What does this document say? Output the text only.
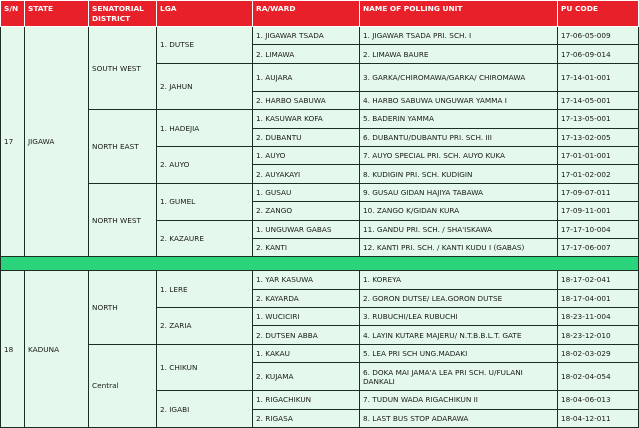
S/N	STATE	SENATORIAL DISTRICT	LGA	RA/WARD	NAME OF POLLING UNIT	PU CODE
17	JIGAWA	SOUTH WEST	1. DUTSE	1. JIGAWAR TSADA	1. JIGAWAR TSADA PRI. SCH. I	17-06-05-009
				2. LIMAWA	2. LIMAWA BAURE	17-06-09-014
			2. JAHUN	1. AUJARA	3. GARKA/CHIROMAWA/GARKA/ CHIROMAWA	17-14-01-001
				2. HARBO SABUWA	4. HARBO SABUWA UNGUWAR YAMMA I	17-14-05-001
		NORTH EAST	1. HADEJIA	1. KASUWAR KOFA	5. BADERIN YAMMA	17-13-05-001
				2. DUBANTU	6. DUBANTU/DUBANTU PRI. SCH. III	17-13-02-005
			2. AUYO	1. AUYO	7. AUYO SPECIAL PRI. SCH. AUYO KUKA	17-01-01-001
				2. AUYAKAYI	8. KUDIGIN PRI. SCH. KUDIGIN	17-01-02-002
		NORTH WEST	1. GUMEL	1. GUSAU	9. GUSAU GIDAN HAJIYA TABAWA	17-09-07-011
				2. ZANGO	10. ZANGO K/GIDAN KURA	17-09-11-001
			2. KAZAURE	1. UNGUWAR GABAS	11. GANDU PRI. SCH. / SHA'ISKAWA	17-17-10-004
				2. KANTI	12. KANTI PRI. SCH. / KANTI KUDU I (GABAS)	17-17-06-007

18	KADUNA	NORTH	1. LERE	1. YAR KASUWA	1. KOREYA	18-17-02-041
				2. KAYARDA	2. GORON DUTSE/ LEA.GORON DUTSE	18-17-04-001
			2. ZARIA	1. WUCICIRI	3. RUBUCHI/LEA RUBUCHI	18-23-11-004
				2. DUTSEN ABBA	4. LAYIN KUTARE MAJERU/ N.T.B.B.L.T. GATE	18-23-12-010
		Central	1. CHIKUN	1. KAKAU	5. LEA PRI SCH UNG.MADAKI	18-02-03-029
				2. KUJAMA	6. DOKA MAI JAMA'A LEA PRI SCH. U/FULANI DANKALI	18-02-04-054
			2. IGABI	1. RIGACHIKUN	7. TUDUN WADA RIGACHIKUN II	18-04-06-013
				2. RIGASA	8. LAST BUS STOP ADARAWA	18-04-12-011
